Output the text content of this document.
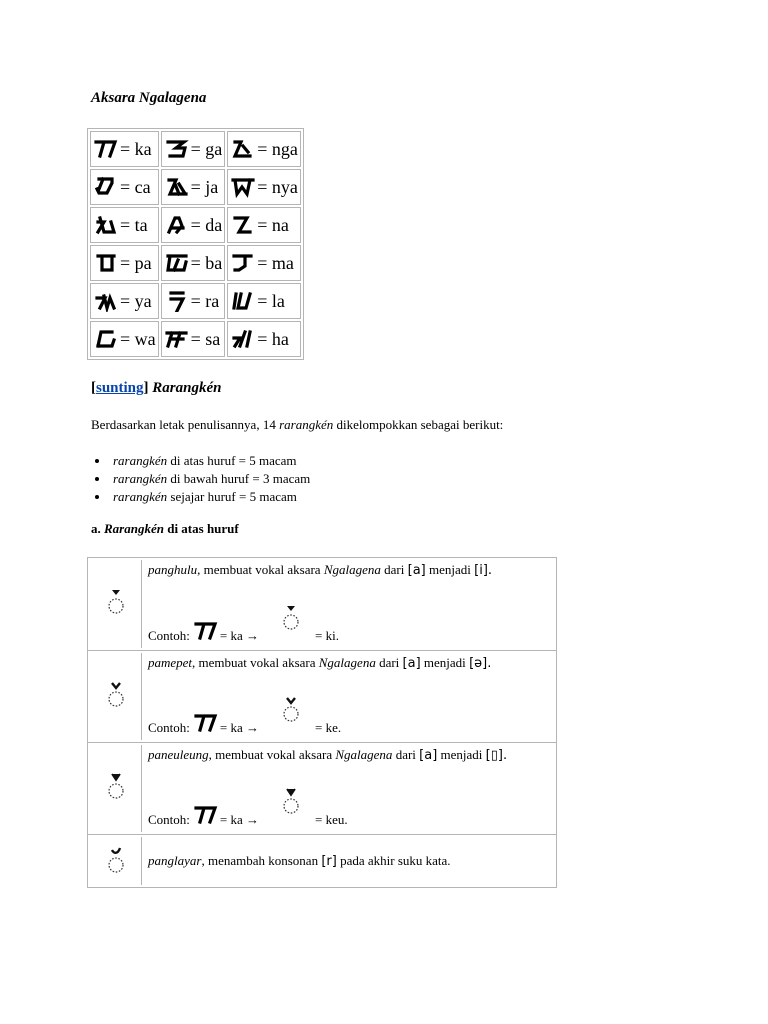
Aksara Ngalagena
= ka	= ga	= nga

= ca	= ja	= nya

= ta	= da	= na

= pa	= ba	= ma

= ya	= ra	= la

= wa	= sa	= ha
[sunting] Rarangkén
Berdasarkan letak penulisannya, 14 rarangkén dikelompokkan sebagai berikut:
rarangkén di atas huruf = 5 macam
rarangkén di bawah huruf = 3 macam
rarangkén sejajar huruf = 5 macam
a. Rarangkén di atas huruf
panghulu, membuat vokal aksara Ngalagena dari [a] menjadi [i].
Contoh: = ka →	= ki.
pamepet, membuat vokal aksara Ngalagena dari [a] menjadi [ə].
Contoh: = ka →	= ke.
paneuleung, membuat vokal aksara Ngalagena dari [a] menjadi [▯].
Contoh: = ka →	= keu.
panglayar, menambah konsonan [r] pada akhir suku kata.
